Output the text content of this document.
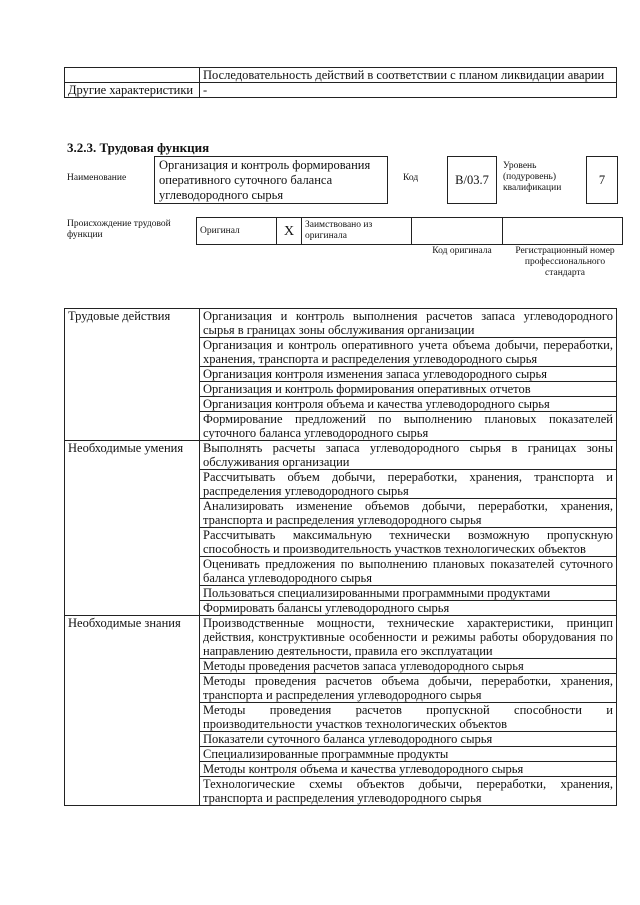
	Последовательность действий в соответствии с планом ликвидации аварии
Другие характеристики	-
3.2.3. Трудовая функция
Наименование
Организация и контроль формирования оперативного суточного баланса углеводородного сырья
Код	B/03.7
Уровень (подуровень) квалификации
7
Происхождение трудовой функции	Оригинал	X	Заимствовано из оригинала		
Код оригинала	Регистрационный номер профессионального стандарта
Трудовые действия	Организация и контроль выполнения расчетов запаса углеводородного сырья в границах зоны обслуживания организации
	Организация и контроль оперативного учета объема добычи, переработки, хранения, транспорта и распределения углеводородного сырья
	Организация контроля изменения запаса углеводородного сырья
	Организация и контроль формирования оперативных отчетов
	Организация контроля объема и качества углеводородного сырья
	Формирование предложений по выполнению плановых показателей суточного баланса углеводородного сырья
Необходимые умения	Выполнять расчеты запаса углеводородного сырья в границах зоны обслуживания организации
	Рассчитывать объем добычи, переработки, хранения, транспорта и распределения углеводородного сырья
	Анализировать изменение объемов добычи, переработки, хранения, транспорта и распределения углеводородного сырья
	Рассчитывать максимальную технически возможную пропускную способность и производительность участков технологических объектов
	Оценивать предложения по выполнению плановых показателей суточного баланса углеводородного сырья
	Пользоваться специализированными программными продуктами
	Формировать балансы углеводородного сырья
Необходимые знания	Производственные мощности, технические характеристики, принцип действия, конструктивные особенности и режимы работы оборудования по направлению деятельности, правила его эксплуатации
	Методы проведения расчетов запаса углеводородного сырья
	Методы проведения расчетов объема добычи, переработки, хранения, транспорта и распределения углеводородного сырья
	Методы проведения расчетов пропускной способности и производительности участков технологических объектов
	Показатели суточного баланса углеводородного сырья
	Специализированные программные продукты
	Методы контроля объема и качества углеводородного сырья
	Технологические схемы объектов добычи, переработки, хранения, транспорта и распределения углеводородного сырья
